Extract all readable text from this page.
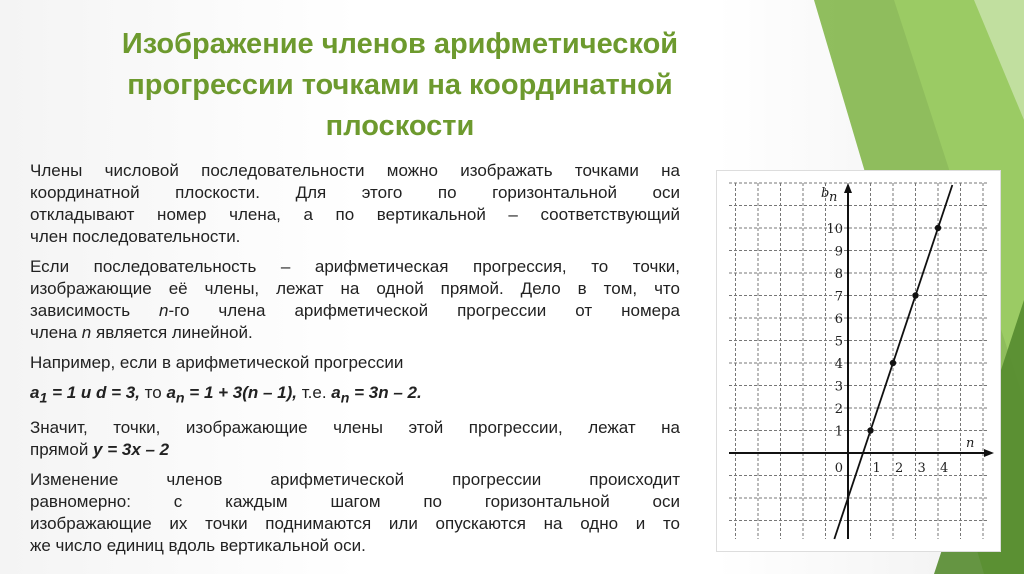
Изображение членов арифметической
прогрессии точками на координатной
плоскости
Члены числовой последовательности можно изображать точками на
координатной плоскости. Для этого по горизонтальной оси
откладывают номер члена, а по вертикальной – соответствующий
член последовательности.
Если последовательность – арифметическая прогрессия, то точки,
изображающие её члены, лежат на одной прямой. Дело в том, что
зависимость n-го члена арифметической прогрессии от номера
члена n является линейной.
Например, если в арифметической прогрессии
$a_1 = 1$ и d = 3, то $a_n = 1 + 3(n - 1)$, т.е. $a_n = 3n - 2$.
Значит, точки, изображающие члены этой прогрессии, лежат на
прямой y = 3x – 2
Изменение членов арифметической прогрессии происходит
равномерно: с каждым шагом по горизонтальной оси
изображающие их точки поднимаются или опускаются на одно и то
же число единиц вдоль вертикальной оси.
1 2 3 4
1
2
3
4
5
6
7
8
9
10
0
b n
n
